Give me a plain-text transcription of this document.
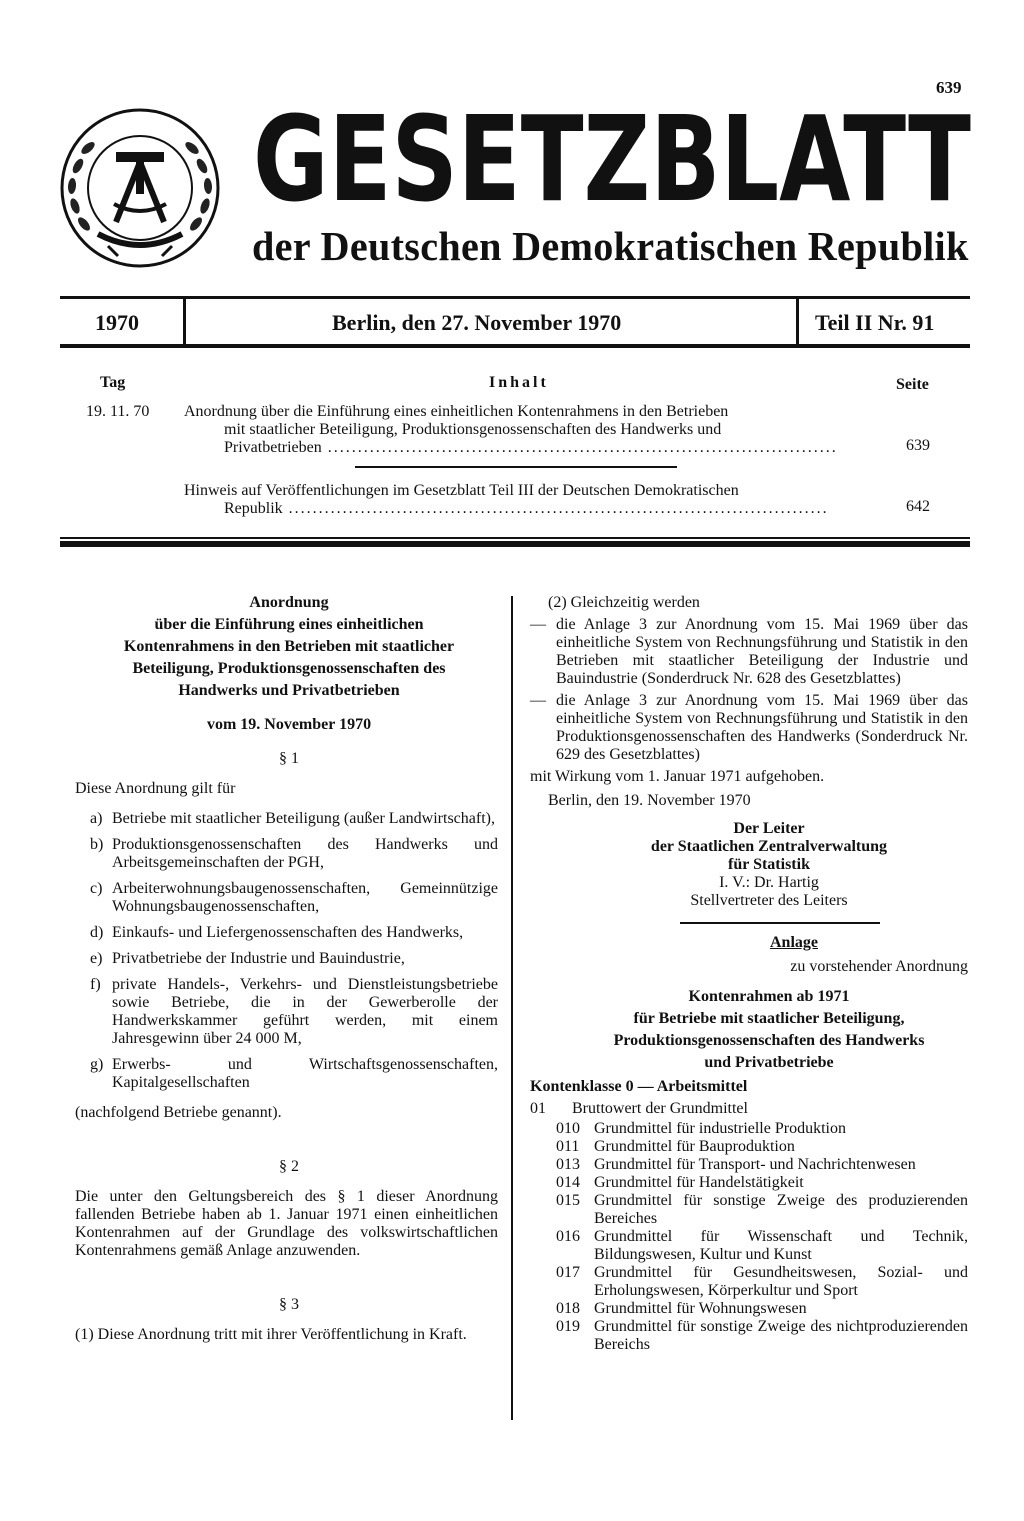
639
GESETZBLATT
der Deutschen Demokratischen Republik
1970	Berlin, den 27. November 1970	Teil II Nr. 91
Tag	Inhalt	Seite
19. 11. 70 Anordnung über die Einführung eines einheitlichen Kontenrahmens in den Betrieben

mit staatlicher Beteiligung, Produktionsgenossenschaften des Handwerks und

Privatbetrieben .....................................................................................	639

Hinweis auf Veröffentlichungen im Gesetzblatt Teil III der Deutschen Demokratischen

Republik ..........................................................................................	642

Anordnung

über die Einführung eines einheitlichen

Kontenrahmens in den Betrieben mit staatlicher

Beteiligung, Produktionsgenossenschaften des

Handwerks und Privatbetrieben

vom 19. November 1970

§ 1

Diese Anordnung gilt für

a) Betriebe mit staatlicher Beteiligung (außer Landwirtschaft),
b) Produktionsgenossenschaften des Handwerks und Arbeitsgemeinschaften der PGH,
c) Arbeiterwohnungsbaugenossenschaften, Gemeinnützige Wohnungsbaugenossenschaften,
d) Einkaufs- und Liefergenossenschaften des Handwerks,
e) Privatbetriebe der Industrie und Bauindustrie,
f) private Handels-, Verkehrs- und Dienstleistungsbetriebe sowie Betriebe, die in der Gewerberolle der Handwerkskammer geführt werden, mit einem Jahresgewinn über 24 000 M,
g) Erwerbs- und Wirtschaftsgenossenschaften, Kapitalgesellschaften

(nachfolgend Betriebe genannt).

§ 2

Die unter den Geltungsbereich des § 1 dieser Anordnung fallenden Betriebe haben ab 1. Januar 1971 einen einheitlichen Kontenrahmen auf der Grundlage des volkswirtschaftlichen Kontenrahmens gemäß Anlage anzuwenden.

§ 3

(1) Diese Anordnung tritt mit ihrer Veröffentlichung in Kraft.

(2) Gleichzeitig werden

— die Anlage 3 zur Anordnung vom 15. Mai 1969 über das einheitliche System von Rechnungsführung und Statistik in den Betrieben mit staatlicher Beteiligung der Industrie und Bauindustrie (Sonderdruck Nr. 628 des Gesetzblattes)
— die Anlage 3 zur Anordnung vom 15. Mai 1969 über das einheitliche System von Rechnungsführung und Statistik in den Produktionsgenossenschaften des Handwerks (Sonderdruck Nr. 629 des Gesetzblattes)

mit Wirkung vom 1. Januar 1971 aufgehoben.

Berlin, den 19. November 1970

Der Leiter

der Staatlichen Zentralverwaltung

für Statistik

I. V.: Dr. Hartig

Stellvertreter des Leiters

Anlage

zu vorstehender Anordnung

Kontenrahmen ab 1971

für Betriebe mit staatlicher Beteiligung,

Produktionsgenossenschaften des Handwerks

und Privatbetriebe

Kontenklasse 0 — Arbeitsmittel

01	Bruttowert der Grundmittel
010 Grundmittel für industrielle Produktion
011 Grundmittel für Bauproduktion
013 Grundmittel für Transport- und Nachrichtenwesen
014 Grundmittel für Handelstätigkeit
015 Grundmittel für sonstige Zweige des produzierenden Bereiches
016 Grundmittel für Wissenschaft und Technik, Bildungswesen, Kultur und Kunst
017 Grundmittel für Gesundheitswesen, Sozial- und Erholungswesen, Körperkultur und Sport
018 Grundmittel für Wohnungswesen
019 Grundmittel für sonstige Zweige des nichtproduzierenden Bereichs
